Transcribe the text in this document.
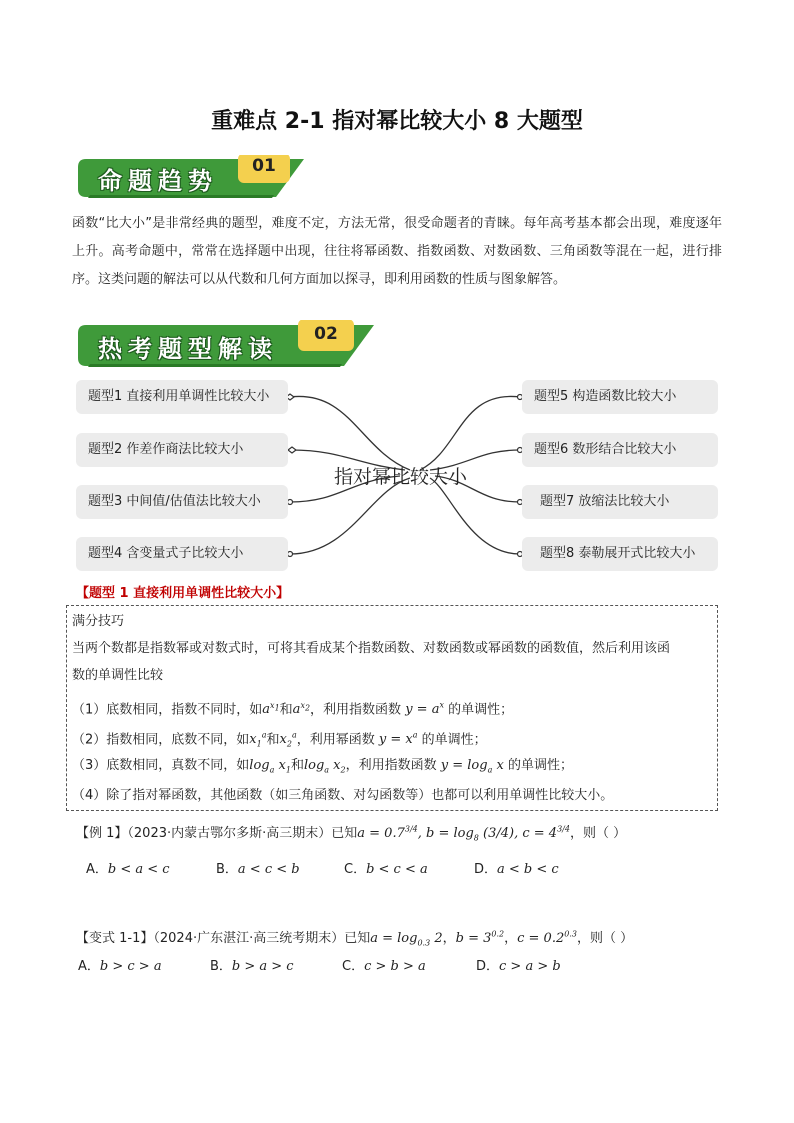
重难点 2-1 指对幂比较大小 8 大题型
命题趋势
01
函数“比大小”是非常经典的题型，难度不定，方法无常，很受命题者的青睐。每年高考基本都会出现，难度逐年上升。高考命题中，常常在选择题中出现，往往将幂函数、指数函数、对数函数、三角函数等混在一起，进行排序。这类问题的解法可以从代数和几何方面加以探寻，即利用函数的性质与图象解答。
热考题型解读
02
题型1 直接利用单调性比较大小
题型2 作差作商法比较大小
题型3 中间值/估值法比较大小
题型4 含变量式子比较大小
指对幂比较大小
题型5 构造函数比较大小
题型6 数形结合比较大小
题型7 放缩法比较大小
题型8 泰勒展开式比较大小
【题型 1 直接利用单调性比较大小】
满分技巧
当两个数都是指数幂或对数式时，可将其看成某个指数函数、对数函数或幂函数的函数值，然后利用该函
数的单调性比较
（1）底数相同，指数不同时，如$a^{x_1}$和$a^{x_2}$，利用指数函数 $y = a^x$ 的单调性；
（2）指数相同，底数不同，如$x_1^a$和$x_2^a$，利用幂函数 $y = x^a$ 的单调性；
（3）底数相同，真数不同，如$\log_a x_1$和$\log_a x_2$，利用指数函数 $y = \log_a x$ 的单调性；
（4）除了指对幂函数，其他函数（如三角函数、对勾函数等）也都可以利用单调性比较大小。
【例 1】（2023·内蒙古鄂尔多斯·高三期末）已知$a = 0.7^{3/4}$, $b = \log_8 (3/4)$, $c = 4^{3/4}$，则（ ）
A．b < a < c	B．a < c < b	C．b < c < a	D．a < b < c
【变式 1-1】（2024·广东湛江·高三统考期末）已知$a = \log_{0.3} 2$，$b = 3^{0.2}$，$c = 0.2^{0.3}$，则（ ）
A．b > c > a	B．b > a > c	C．c > b > a	D．c > a > b
